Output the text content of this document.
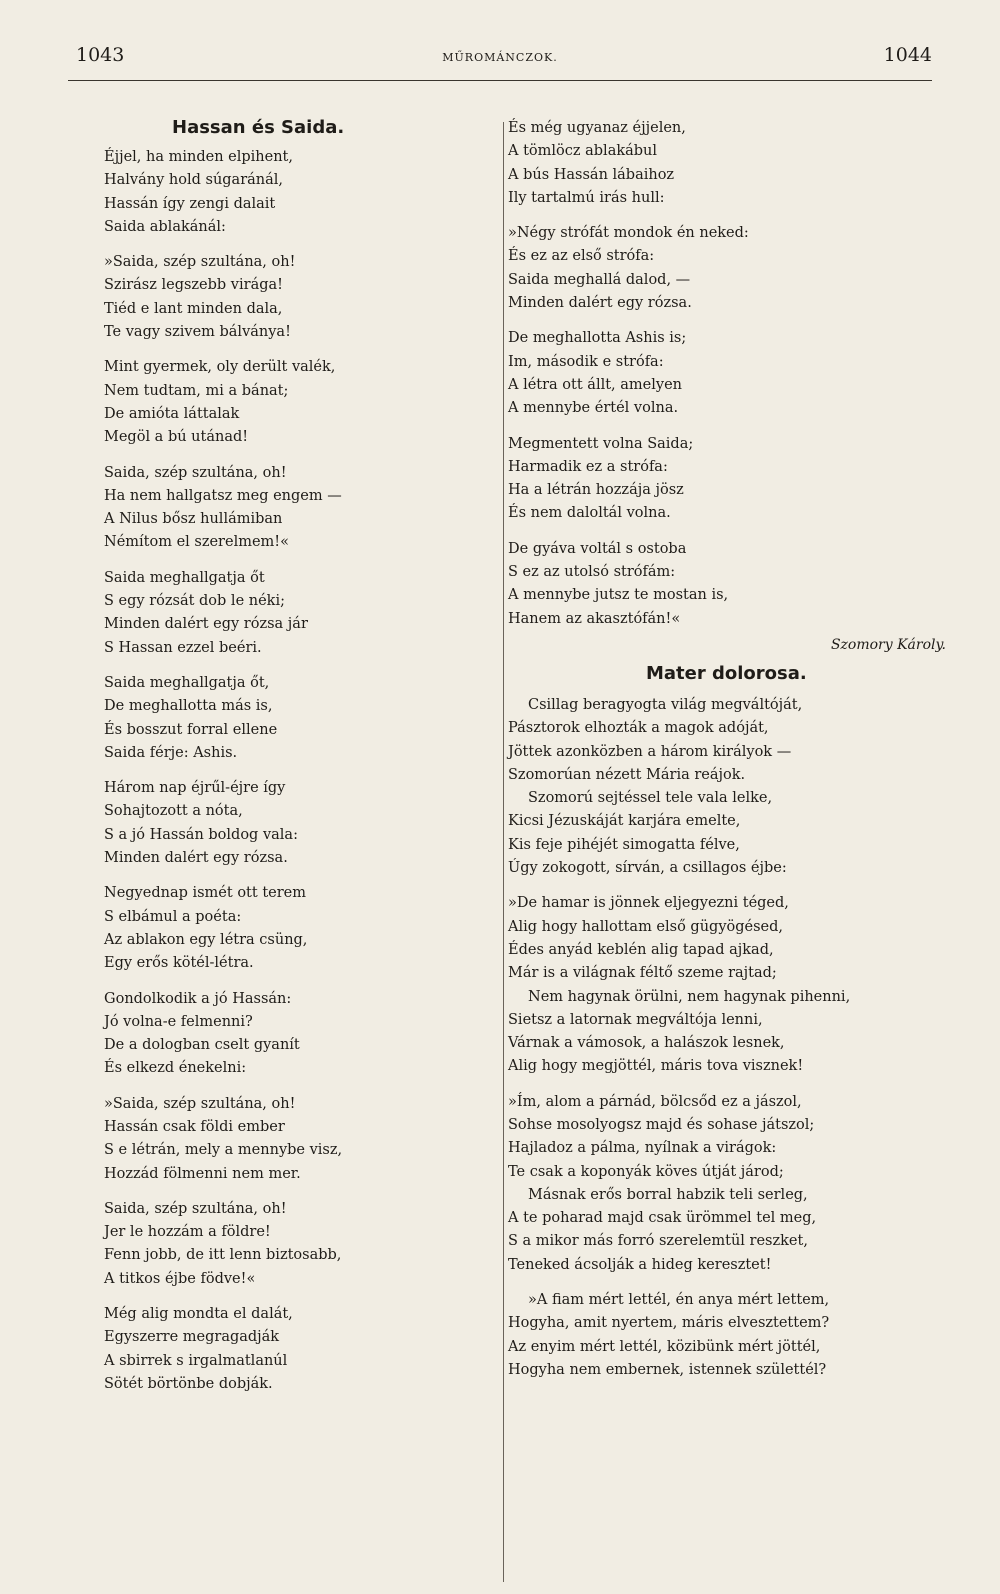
1043	MŰROMÁNCZOK.	1044
Hassan és Saida.
Éjjel, ha minden elpihent,
Halvány hold súgaránál,
Hassán így zengi dalait
Saida ablakánál:
»Saida, szép szultána, oh!
Szirász legszebb virága!
Tiéd e lant minden dala,
Te vagy szivem bálványa!
Mint gyermek, oly derült valék,
Nem tudtam, mi a bánat;
De amióta láttalak
Megöl a bú utánad!
Saida, szép szultána, oh!
Ha nem hallgatsz meg engem —
A Nilus bősz hullámiban
Némítom el szerelmem!«
Saida meghallgatja őt
S egy rózsát dob le néki;
Minden dalért egy rózsa jár
S Hassan ezzel beéri.
Saida meghallgatja őt,
De meghallotta más is,
És bosszut forral ellene
Saida férje: Ashis.
Három nap éjrűl-éjre így
Sohajtozott a nóta,
S a jó Hassán boldog vala:
Minden dalért egy rózsa.
Negyednap ismét ott terem
S elbámul a poéta:
Az ablakon egy létra csüng,
Egy erős kötél-létra.
Gondolkodik a jó Hassán:
Jó volna-e felmenni?
De a dologban cselt gyanít
És elkezd énekelni:
»Saida, szép szultána, oh!
Hassán csak földi ember
S e létrán, mely a mennybe visz,
Hozzád fölmenni nem mer.
Saida, szép szultána, oh!
Jer le hozzám a földre!
Fenn jobb, de itt lenn biztosabb,
A titkos éjbe födve!«
Még alig mondta el dalát,
Egyszerre megragadják
A sbirrek s irgalmatlanúl
Sötét börtönbe dobják.
És még ugyanaz éjjelen,
A tömlöcz ablakábul
A bús Hassán lábaihoz
Ily tartalmú irás hull:
»Négy strófát mondok én neked:
És ez az első strófa:
Saida meghallá dalod, —
Minden dalért egy rózsa.
De meghallotta Ashis is;
Im, második e strófa:
A létra ott állt, amelyen
A mennybe értél volna.
Megmentett volna Saida;
Harmadik ez a strófa:
Ha a létrán hozzája jösz
És nem daloltál volna.
De gyáva voltál s ostoba
S ez az utolsó strófám:
A mennybe jutsz te mostan is,
Hanem az akasztófán!«
Szomory Károly.
Mater dolorosa.
Csillag beragyogta világ megváltóját,
Pásztorok elhozták a magok adóját,
Jöttek azonközben a három királyok —
Szomorúan nézett Mária reájok.
Szomorú sejtéssel tele vala lelke,
Kicsi Jézuskáját karjára emelte,
Kis feje pihéjét simogatta félve,
Úgy zokogott, sírván, a csillagos éjbe:
»De hamar is jönnek eljegyezni téged,
Alig hogy hallottam első gügyögésed,
Édes anyád keblén alig tapad ajkad,
Már is a világnak féltő szeme rajtad;
Nem hagynak örülni, nem hagynak pihenni,
Sietsz a latornak megváltója lenni,
Várnak a vámosok, a halászok lesnek,
Alig hogy megjöttél, máris tova visznek!
»Ím, alom a párnád, bölcsőd ez a jászol,
Sohse mosolyogsz majd és sohase játszol;
Hajladoz a pálma, nyílnak a virágok:
Te csak a koponyák köves útját járod;
Másnak erős borral habzik teli serleg,
A te poharad majd csak ürömmel tel meg,
S a mikor más forró szerelemtül reszket,
Teneked ácsolják a hideg keresztet!
»A fiam mért lettél, én anya mért lettem,
Hogyha, amit nyertem, máris elvesztettem?
Az enyim mért lettél, közibünk mért jöttél,
Hogyha nem embernek, istennek születtél?
